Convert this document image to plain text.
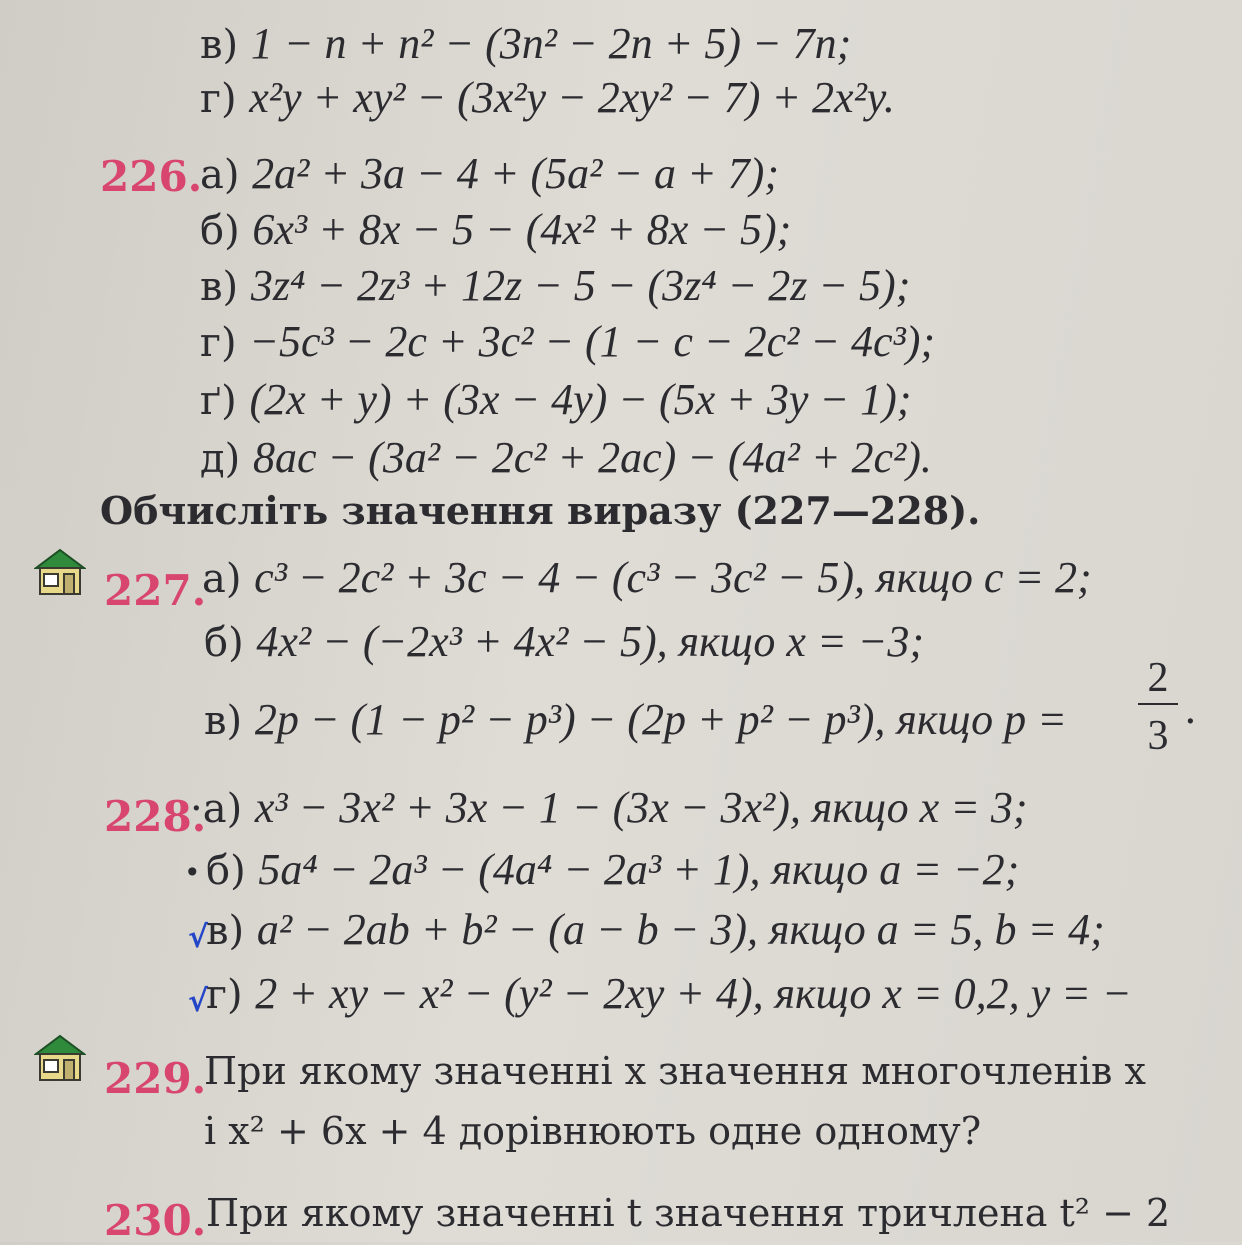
в) 1 − n + n² − (3n² − 2n + 5) − 7n;
г) x²y + xy² − (3x²y − 2xy² − 7) + 2x²y.
226.
а) 2a² + 3a − 4 + (5a² − a + 7);
б) 6x³ + 8x − 5 − (4x² + 8x − 5);
в) 3z⁴ − 2z³ + 12z − 5 − (3z⁴ − 2z − 5);
г) −5c³ − 2c + 3c² − (1 − c − 2c² − 4c³);
ґ) (2x + y) + (3x − 4y) − (5x + 3y − 1);
д) 8ac − (3a² − 2c² + 2ac) − (4a² + 2c²).
Обчисліть значення виразу (227—228).
227.
а) c³ − 2c² + 3c − 4 − (c³ − 3c² − 5), якщо c = 2;
б) 4x² − (−2x³ + 4x² − 5), якщо x = −3;
в) 2p − (1 − p² − p³) − (2p + p² − p³), якщо p =
2
3
.
228.
·а) x³ − 3x² + 3x − 1 − (3x − 3x²), якщо x = 3;
• б) 5a⁴ − 2a³ − (4a⁴ − 2a³ + 1), якщо a = −2;
√
в) a² − 2ab + b² − (a − b − 3), якщо a = 5, b = 4;
√
г) 2 + xy − x² − (y² − 2xy + 4), якщо x = 0,2, y = −
229.
При якому значенні x значення многочленів x
і x² + 6x + 4 дорівнюють одне одному?
230. При якому значенні t значення тричлена t² − 2
